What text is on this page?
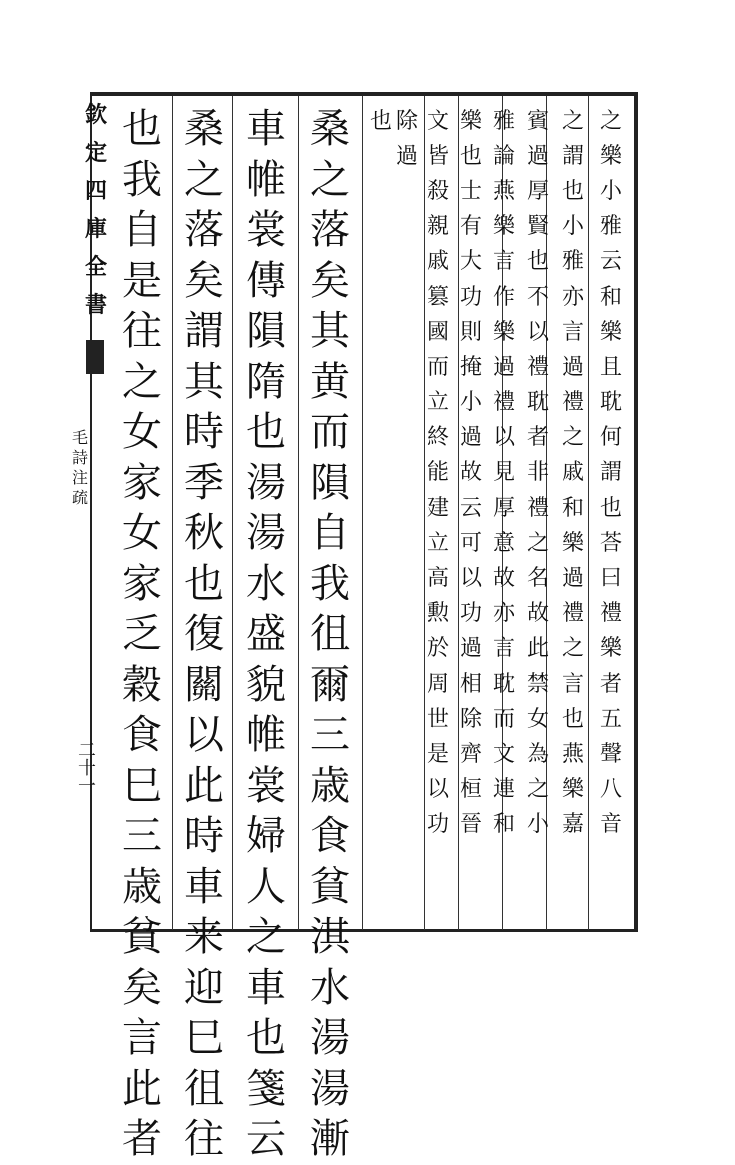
之
樂
小
雅
云
和
樂
且
耽
何
謂
也
荅
曰
禮
樂
者
五
聲
八
音
之
謂
也
小
雅
亦
言
過
禮
之
戚
和
樂
過
禮
之
言
也
燕
樂
嘉
賓
過
厚
賢
也
不
以
禮
耽
者
非
禮
之
名
故
此
禁
女
為
之
小
雅
論
燕
樂
言
作
樂
過
禮
以
見
厚
意
故
亦
言
耽
而
文
連
和
樂
也
士
有
大
功
則
掩
小
過
故
云
可
以
功
過
相
除
齊
桓
晉
文
皆
殺
親
戚
篡
國
而
立
終
能
建
立
高
勲
於
周
世
是
以
功
除
過
也
桑
之
落
矣
其
黄
而
隕
自
我
徂
爾
三
歳
食
貧
淇
水
湯
湯
漸
車
帷
裳
傳
隕
隋
也
湯
湯
水
盛
貌
帷
裳
婦
人
之
車
也
箋
云
桑
之
落
矣
謂
其
時
季
秋
也
復
關
以
此
時
車
来
迎
巳
徂
往
也
我
自
是
往
之
女
家
女
家
乏
穀
食
巳
三
歳
貧
矣
言
此
者
欽
定
四
庫
全
書
毛
詩
注
疏
二十一
